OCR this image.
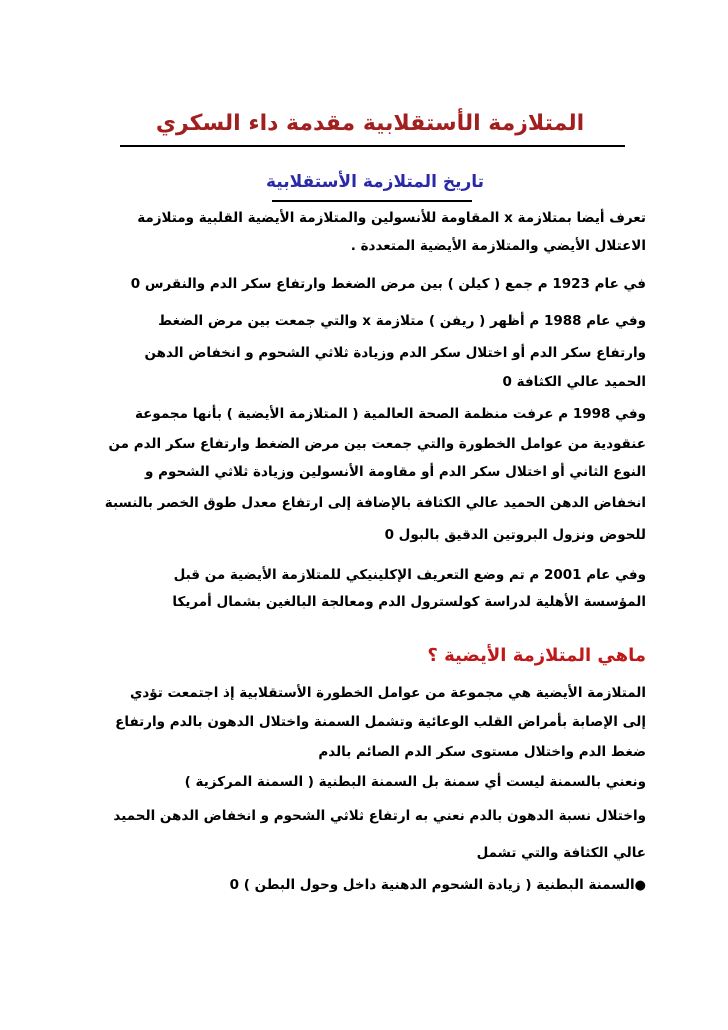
المتلازمة الأستقلابية مقدمة داء السكري
تاريخ المتلازمة الأستقلابية
تعرف أيضا بمتلازمة x المقاومة للأنسولين والمتلازمة الأيضية القلبية ومتلازمة
الاعتلال الأيضي والمتلازمة الأيضية المتعددة .
في عام 1923 م جمع ( كيلن ) بين مرض الضغط وارتفاع سكر الدم والنقرس 0
وفي عام 1988 م أظهر ( ريفن ) متلازمة x والتي جمعت بين مرض الضغط
وارتفاع سكر الدم أو اختلال سكر الدم وزيادة ثلاثي الشحوم و انخفاض الدهن
الحميد عالي الكثافة 0
وفي 1998 م عرفت منظمة الصحة العالمية ( المتلازمة الأيضية ) بأنها مجموعة
عنقودية من عوامل الخطورة والتي جمعت بين مرض الضغط وارتفاع سكر الدم من
النوع الثاني أو اختلال سكر الدم أو مقاومة الأنسولين وزيادة ثلاثي الشحوم و
انخفاض الدهن الحميد عالي الكثافة بالإضافة إلى ارتفاع معدل طوق الخصر بالنسبة
للحوض ونزول البروتين الدقيق بالبول 0
وفي عام 2001 م تم وضع التعريف الإكلينيكي للمتلازمة الأيضية من قبل
المؤسسة الأهلية لدراسة كولسترول الدم ومعالجة البالغين بشمال أمريكا
ماهي المتلازمة الأيضية ؟
المتلازمة الأيضية هي مجموعة من عوامل الخطورة الأستقلابية إذ اجتمعت تؤدي
إلى الإصابة بأمراض القلب الوعائية وتشمل السمنة واختلال الدهون بالدم وارتفاع
ضغط الدم واختلال مستوى سكر الدم الصائم بالدم
ونعني بالسمنة ليست أي سمنة بل السمنة البطنية ( السمنة المركزية )
واختلال نسبة الدهون بالدم نعني به ارتفاع ثلاثي الشحوم و انخفاض الدهن الحميد
عالي الكثافة والتي تشمل
●السمنة البطنية ( زيادة الشحوم الدهنية داخل وحول البطن ) 0
